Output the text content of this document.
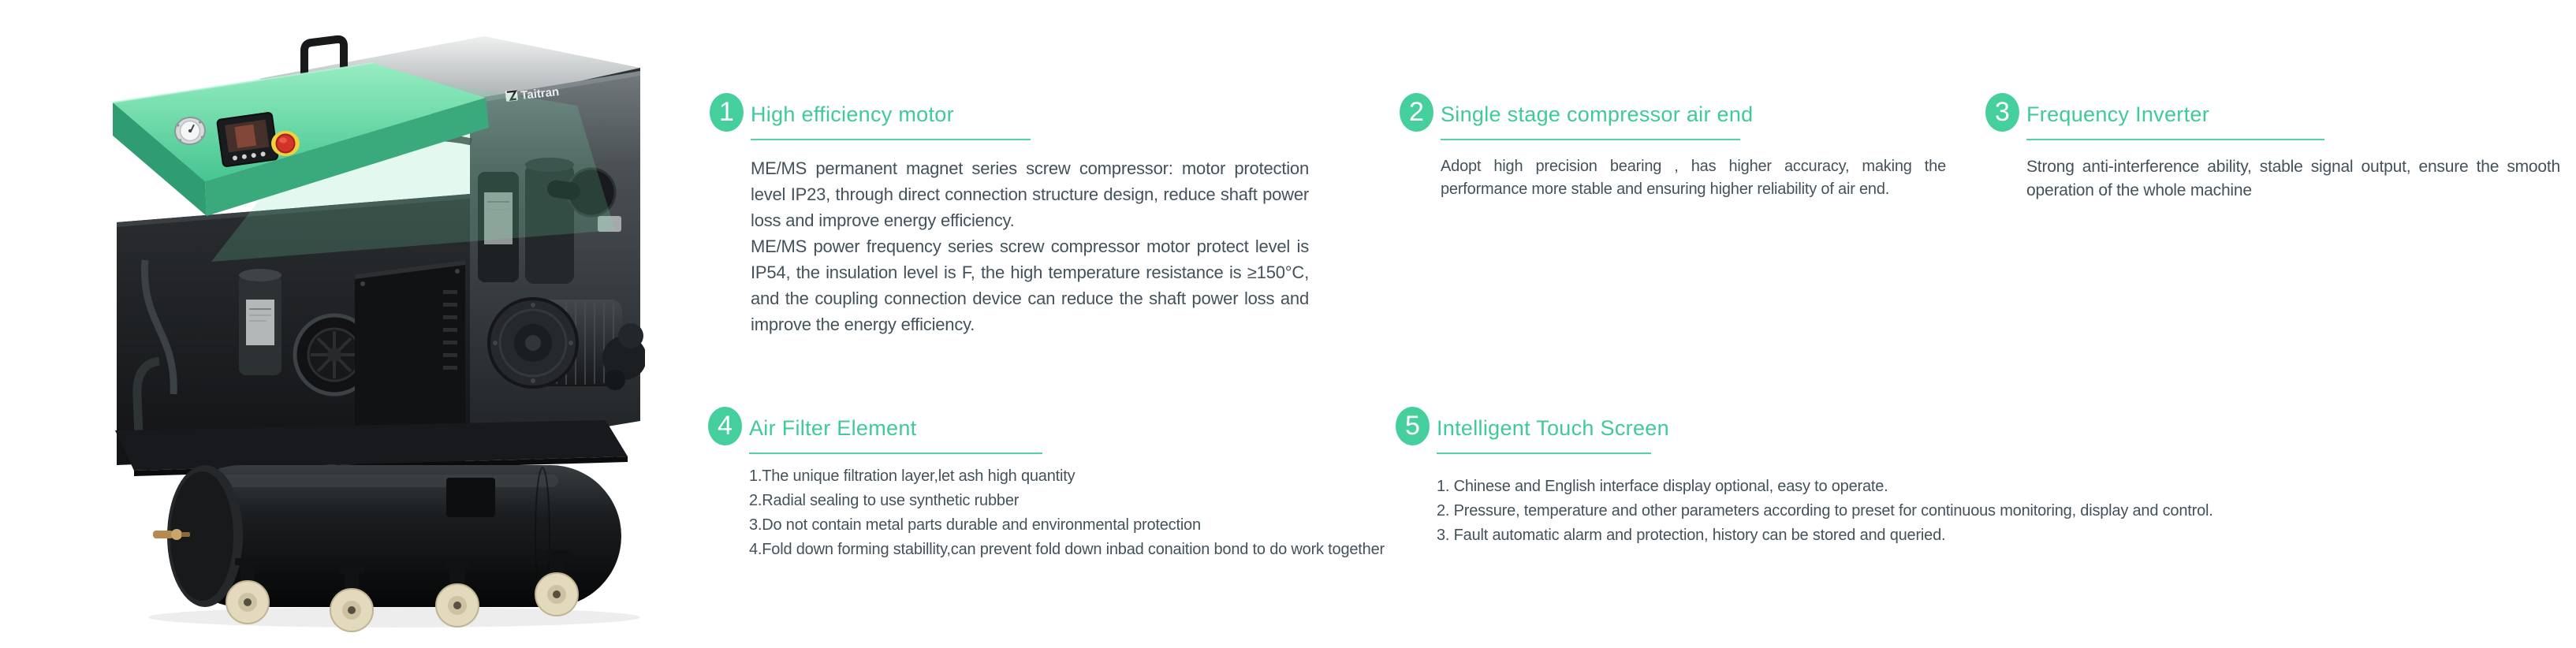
Taitran
1 High efficiency motor

ME/MS permanent magnet series screw compressor: motor protection level IP23, through direct connection structure design, reduce shaft power loss and improve energy efficiency.

ME/MS power frequency series screw compressor motor protect level is IP54, the insulation level is F, the high temperature resistance is ≥150°C, and the coupling connection device can reduce the shaft power loss and improve the energy efficiency.

2 Single stage compressor air end

Adopt high precision bearing , has higher accuracy, making the performance more stable and ensuring higher reliability of air end.

3 Frequency Inverter

Strong anti-interference ability, stable signal output, ensure the smooth operation of the whole machine

4 Air Filter Element
1.The unique filtration layer,let ash high quantity
2.Radial sealing to use synthetic rubber
3.Do not contain metal parts durable and environmental protection
4.Fold down forming stabillity,can prevent fold down inbad conaition bond to do work together
5 Intelligent Touch Screen
1. Chinese and English interface display optional, easy to operate.
2. Pressure, temperature and other parameters according to preset for continuous monitoring, display and control.
3. Fault automatic alarm and protection, history can be stored and queried.
